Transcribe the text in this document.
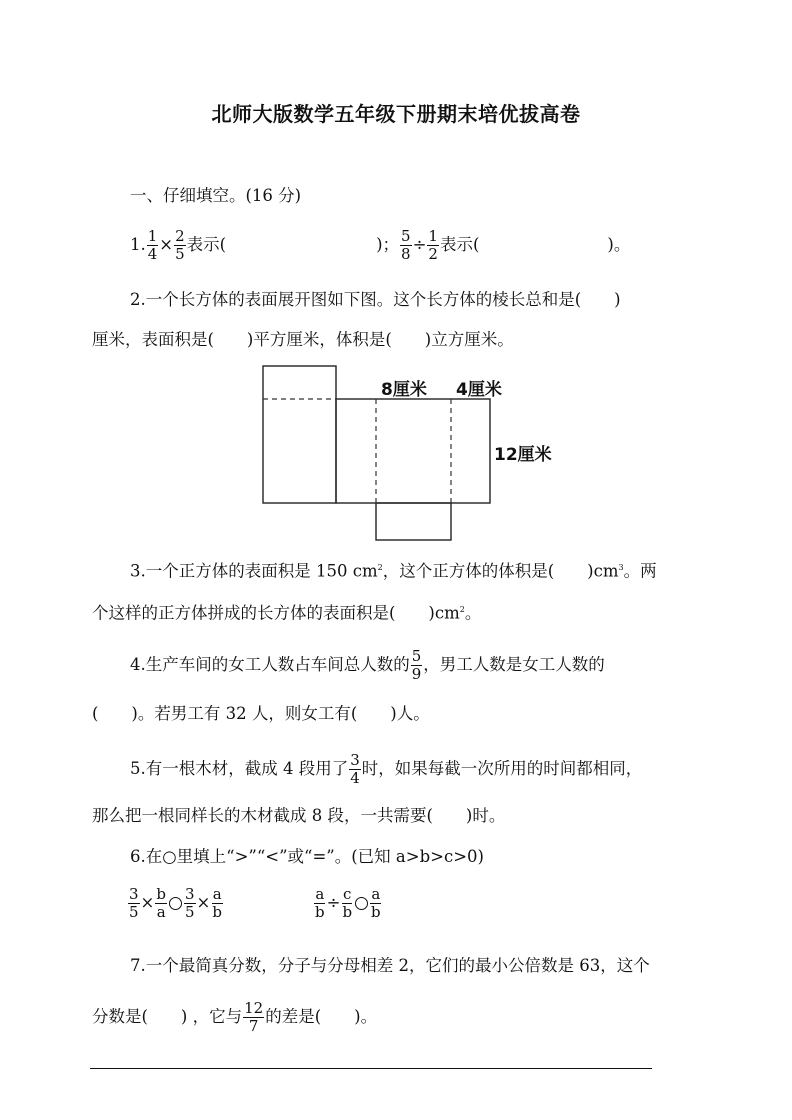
北师大版数学五年级下册期末培优拔高卷
一、仔细填空。(16 分)
1. $\frac{1}{4} \times \frac{2}{5}$ 表示(	)； $\frac{5}{8} \div \frac{1}{2}$ 表示(	)。
2.一个长方体的表面展开图如下图。这个长方体的棱长总和是(　　)
厘米，表面积是(　　)平方厘米，体积是(　　)立方厘米。
8厘米 4厘米
12厘米
3.一个正方体的表面积是 150 $cm^2$，这个正方体的体积是(　　)$cm^3$。两
个这样的正方体拼成的长方体的表面积是(　　)$cm^2$。
4.生产车间的女工人数占车间总人数的 $\frac{5}{9}$ ，男工人数是女工人数的
(　　)。若男工有 32 人，则女工有(　　)人。
5.有一根木材，截成 4 段用了 $\frac{3}{4}$ 时，如果每截一次所用的时间都相同，
那么把一根同样长的木材截成 8 段，一共需要(　　)时。
6.在○里填上“>”“<”或“=”。(已知 a>b>c>0)
$\frac{3}{5} \times \frac{b}{a} \frac{3}{5} \times \frac{a}{b}$	$\frac{a}{b} \div \frac{c}{b} \frac{a}{b}$
7.一个最简真分数，分子与分母相差 2，它们的最小公倍数是 63，这个
分数是(　　) ，它与 $\frac{12}{7}$ 的差是(　　)。
